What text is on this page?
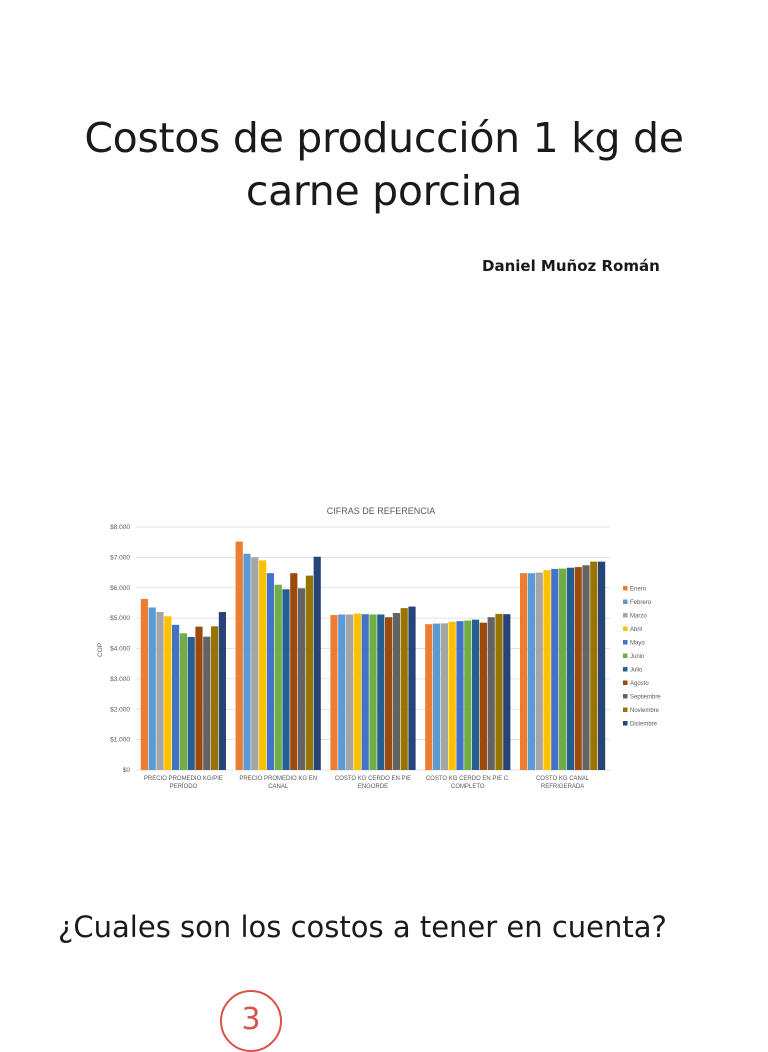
Costos de producción 1 kg de
carne porcina
Daniel Muñoz Román
CIFRAS DE REFERENCIA
COP
$0
$1.000
$2.000
$3.000
$4.000
$5.000
$6.000
$7.000
$8.000
PRECIO PROMEDIO KG/PIE
PERÍODO
PRECIO PROMEDIO KG EN
CANAL
COSTO KG CERDO EN PIE
ENGORDE
COSTO KG CERDO EN PIE C.
COMPLETO
COSTO KG CANAL
REFRIGERADA
Enero
Febrero
Marzo
Abril
Mayo
Junio
Julio
Agosto
Septiembre
Noviembre
Diciembre
¿Cuales son los costos a tener en cuenta?
3
